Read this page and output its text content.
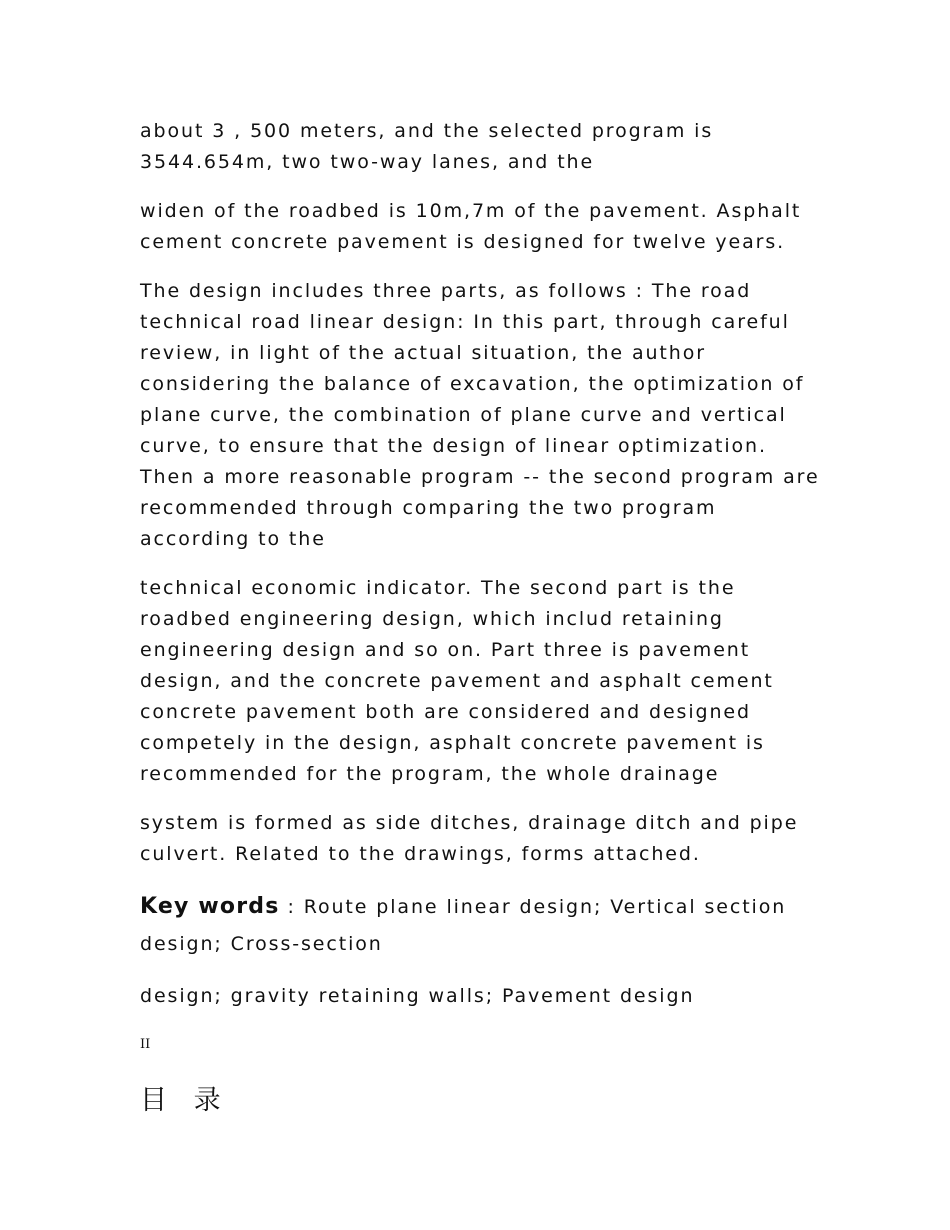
about 3 , 500 meters, and the selected program is
3544.654m, two two-way lanes, and the

widen of the roadbed is 10m,7m of the pavement. Asphalt
cement concrete pavement is designed for twelve years.

The design includes three parts, as follows : The road
technical road linear design: In this part, through careful
review, in light of the actual situation, the author
considering the balance of excavation, the optimization of
plane curve, the combination of plane curve and vertical
curve, to ensure that the design of linear optimization.
Then a more reasonable program -- the second program are
recommended through comparing the two program
according to the

technical economic indicator. The second part is the
roadbed engineering design, which includ retaining
engineering design and so on. Part three is pavement
design, and the concrete pavement and asphalt cement
concrete pavement both are considered and designed
competely in the design, asphalt concrete pavement is
recommended for the program, the whole drainage

system is formed as side ditches, drainage ditch and pipe
culvert. Related to the drawings, forms attached.

Key words : Route plane linear design; Vertical section
design; Cross-section

design; gravity retaining walls; Pavement design

II
目 录
